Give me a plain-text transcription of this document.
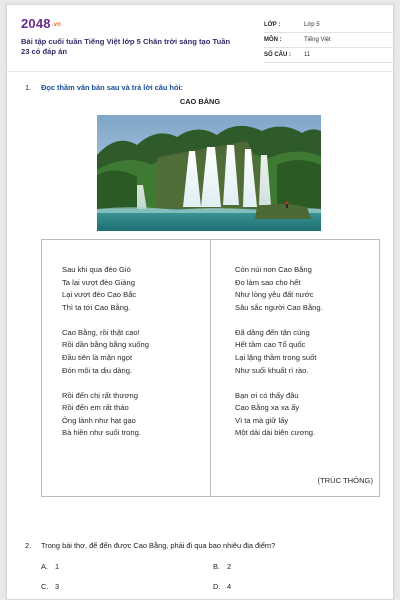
2048.vn
Bài tập cuối tuần Tiếng Việt lớp 5 Chân trời sáng tạo Tuần 23 có đáp án
LỚP :	Lớp 5
MÔN :	Tiếng Việt
SỐ CÂU : 11
1. Đọc thầm văn bản sau và trả lời câu hỏi:
CAO BẰNG
Sau khi qua đèo Gió
Ta lại vượt đèo Giàng
Lại vượt đèo Cao Bắc
Thì ta tới Cao Bằng.
Cao Bằng, rồi thật cao!
Rồi dần bằng bằng xuống
Đầu tiên là mận ngọt
Đón môi ta dịu dàng.
Rồi đến chị rất thương
Rồi đến em rất thảo
Ông lành như hạt gạo
Bà hiền như suối trong.
Còn núi non Cao Bằng
Đo làm sao cho hết
Như lòng yêu đất nước
Sâu sắc người Cao Bằng.
Đã dâng đến tận cùng
Hết tầm cao Tổ quốc
Lại lặng thầm trong suốt
Như suối khuất rì rào.
Bạn ơi có thấy đâu
Cao Bằng xa xa ấy
Vì ta mà giữ lấy
Một dải dài biên cương.
(TRÚC THÔNG)
2. Trong bài thơ, để đến được Cao Bằng, phải đi qua bao nhiêu địa điểm?
A. 1	B. 2
C. 3	D. 4
